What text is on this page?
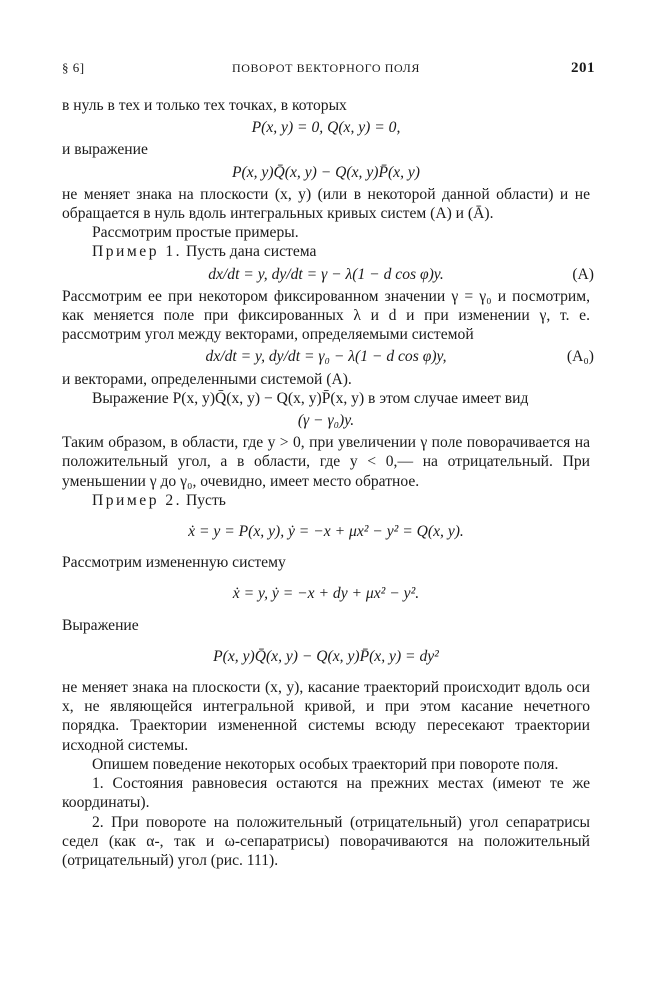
§ 6]	ПОВОРОТ ВЕКТОРНОГО ПОЛЯ	201

в нуль в тех и только тех точках, в которых

P(x, y) = 0, Q(x, y) = 0,

и выражение

P(x, y)Q̄(x, y) − Q(x, y)P̄(x, y)

не меняет знака на плоскости (x, y) (или в некоторой данной области) и не обращается в нуль вдоль интегральных кривых систем (A) и (Ā).

Рассмотрим простые примеры.

Пример 1. Пусть дана система

dx/dt = y, dy/dt = γ − λ(1 − d cos φ)y.	(A)

Рассмотрим ее при некотором фиксированном значении γ = γ₀ и посмотрим, как меняется поле при фиксированных λ и d и при изменении γ, т. е. рассмотрим угол между векторами, определяемыми системой

dx/dt = y, dy/dt = γ₀ − λ(1 − d cos φ)y,	(A₀)

и векторами, определенными системой (A).

Выражение P(x, y)Q̄(x, y) − Q(x, y)P̄(x, y) в этом случае имеет вид

(γ − γ₀)y.

Таким образом, в области, где y > 0, при увеличении γ поле поворачивается на положительный угол, а в области, где y < 0,— на отрицательный. При уменьшении γ до γ₀, очевидно, имеет место обратное.

Пример 2. Пусть

ẋ = y = P(x, y), ẏ = −x + μx² − y² = Q(x, y).

Рассмотрим измененную систему

ẋ = y, ẏ = −x + dy + μx² − y².

Выражение

P(x, y)Q̄(x, y) − Q(x, y)P̄(x, y) = dy²

не меняет знака на плоскости (x, y), касание траекторий происходит вдоль оси x, не являющейся интегральной кривой, и при этом касание нечетного порядка. Траектории измененной системы всюду пересекают траектории исходной системы.

Опишем поведение некоторых особых траекторий при повороте поля.

1. Состояния равновесия остаются на прежних местах (имеют те же координаты).

2. При повороте на положительный (отрицательный) угол сепаратрисы седел (как α-, так и ω-сепаратрисы) поворачиваются на положительный (отрицательный) угол (рис. 111).
